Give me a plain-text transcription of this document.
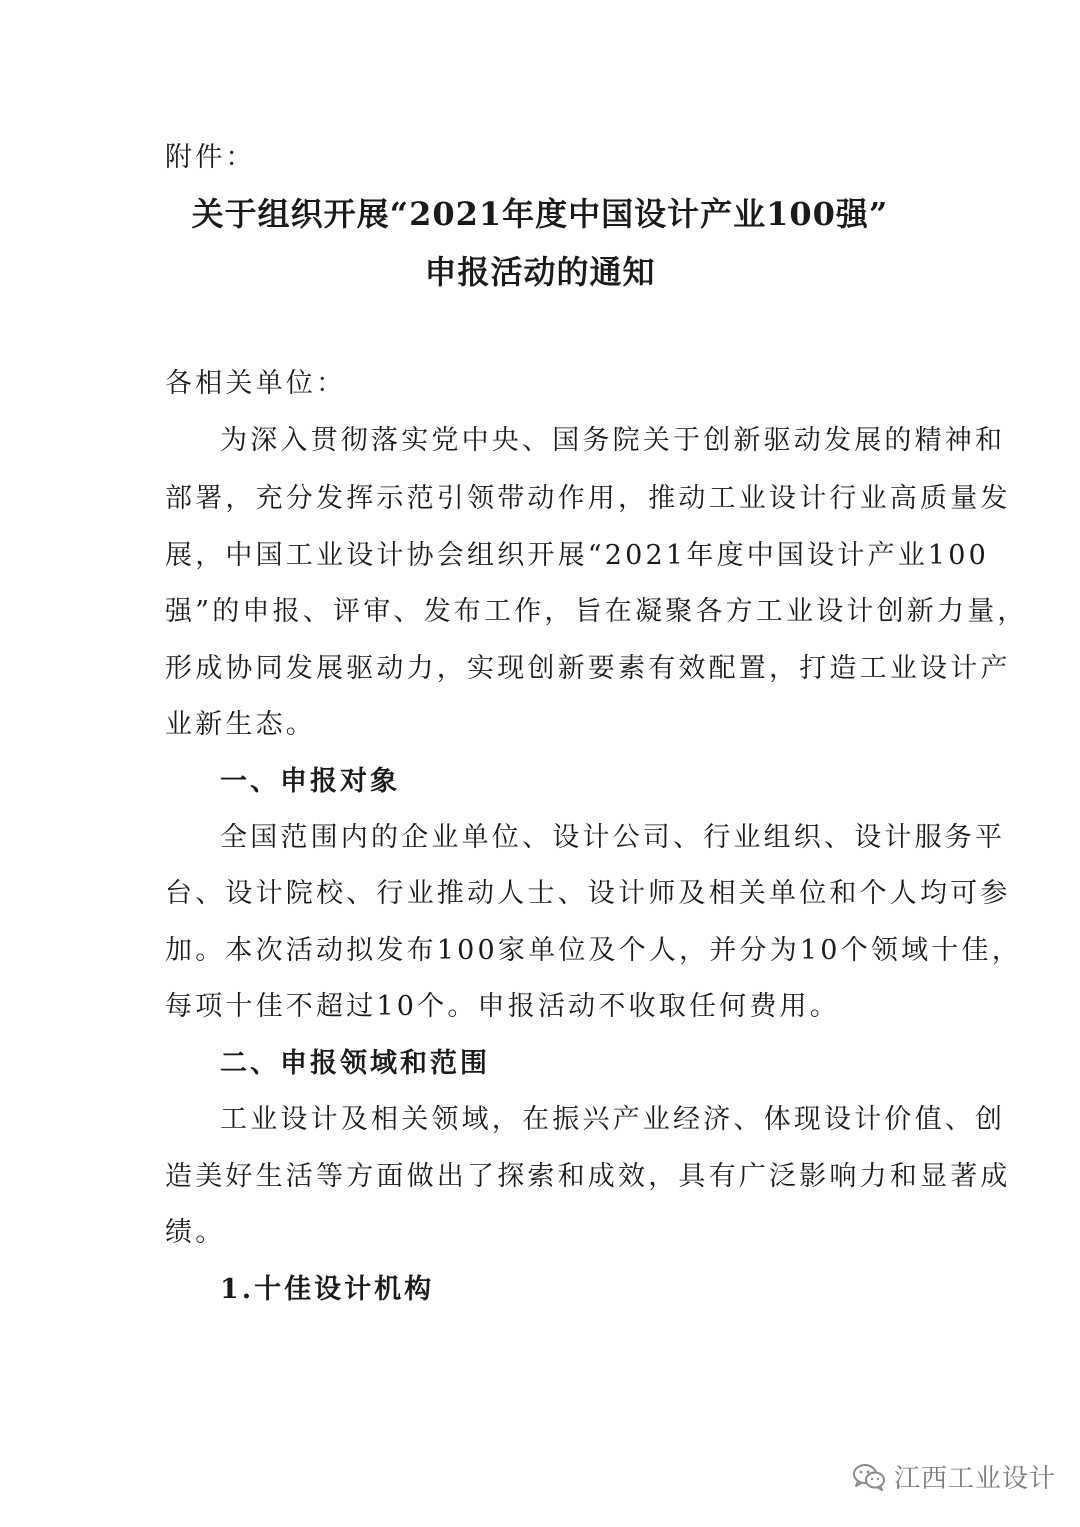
附件：
关于组织开展“2021年度中国设计产业100强”
申报活动的通知
各相关单位：
为深入贯彻落实党中央、国务院关于创新驱动发展的精神和
部署，充分发挥示范引领带动作用，推动工业设计行业高质量发
展，中国工业设计协会组织开展“2021年度中国设计产业100
强”的申报、评审、发布工作，旨在凝聚各方工业设计创新力量，
形成协同发展驱动力，实现创新要素有效配置，打造工业设计产
业新生态。
一、申报对象
全国范围内的企业单位、设计公司、行业组织、设计服务平
台、设计院校、行业推动人士、设计师及相关单位和个人均可参
加。本次活动拟发布100家单位及个人，并分为10个领域十佳，
每项十佳不超过10个。申报活动不收取任何费用。
二、申报领域和范围
工业设计及相关领域，在振兴产业经济、体现设计价值、创
造美好生活等方面做出了探索和成效，具有广泛影响力和显著成
绩。
1.十佳设计机构
江西工业设计
